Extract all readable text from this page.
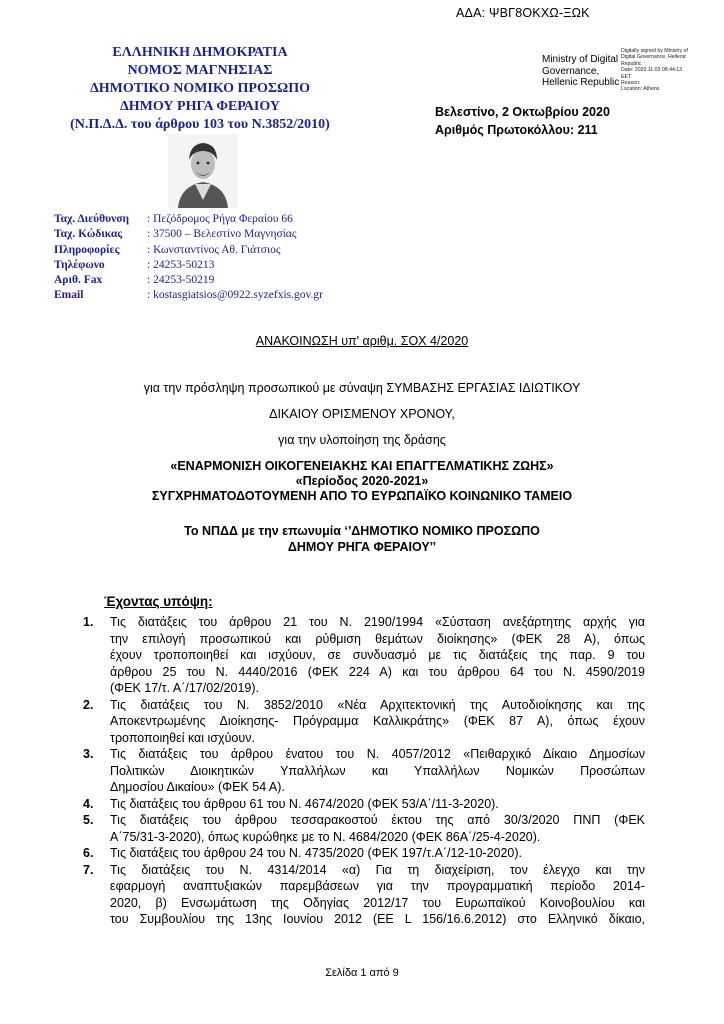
ΑΔΑ: ΨΒΓ8ΟΚΧΩ-ΞΩΚ
ΕΛΛΗΝΙΚΗ ΔΗΜΟΚΡΑΤΙΑ
ΝΟΜΟΣ ΜΑΓΝΗΣΙΑΣ
ΔΗΜΟΤΙΚΟ ΝΟΜΙΚΟ ΠΡΟΣΩΠΟ
ΔΗΜΟΥ ΡΗΓΑ ΦΕΡΑΙΟΥ
(Ν.Π.Δ.Δ. του άρθρου 103 του Ν.3852/2010)
Ministry of Digital
Governance,
Hellenic Republic
Digitally signed by Ministry of
Digital Governance, Hellenic
Republic
Date: 2020.11.03 08:44:13
EET
Reason:
Location: Athens
Βελεστίνο, 2 Οκτωβρίου 2020
Αριθμός Πρωτοκόλλου: 211
Ταχ. Διεύθυνση	: Πεζόδρομος Ρήγα Φεραίου 66
Ταχ. Κώδικας	: 37500 – Βελεστίνο Μαγνησίας
Πληροφορίες	: Κωνσταντίνος Αθ. Γιάτσιος
Τηλέφωνο	: 24253-50213
Αριθ. Fax	: 24253-50219
Email	: kostasgiatsios@0922.syzefxis.gov.gr
ΑΝΑΚΟΙΝΩΣΗ υπ' αριθμ. ΣΟΧ 4/2020
για την πρόσληψη προσωπικού με σύναψη ΣΥΜΒΑΣΗΣ ΕΡΓΑΣΙΑΣ ΙΔΙΩΤΙΚΟΥ
ΔΙΚΑΙΟΥ ΟΡΙΣΜΕΝΟΥ ΧΡΟΝΟΥ,
για την υλοποίηση της δράσης
«ΕΝΑΡΜΟΝΙΣΗ ΟΙΚΟΓΕΝΕΙΑΚΗΣ ΚΑΙ ΕΠΑΓΓΕΛΜΑΤΙΚΗΣ ΖΩΗΣ»
«Περίοδος 2020-2021»
ΣΥΓΧΡΗΜΑΤΟΔΟΤΟΥΜΕΝΗ ΑΠΟ ΤΟ ΕΥΡΩΠΑΪΚΟ ΚΟΙΝΩΝΙΚΟ ΤΑΜΕΙΟ
Το ΝΠΔΔ με την επωνυμία ‘’ΔΗΜΟΤΙΚΟ ΝΟΜΙΚΟ ΠΡΟΣΩΠΟ
ΔΗΜΟΥ ΡΗΓΑ ΦΕΡΑΙΟΥ’’
Έχοντας υπόψη:
1.	Τις διατάξεις του άρθρου 21 του Ν. 2190/1994 «Σύσταση ανεξάρτητης αρχής για
την επιλογή προσωπικού και ρύθμιση θεμάτων διοίκησης» (ΦΕΚ 28 Α), όπως
έχουν τροποποιηθεί και ισχύουν, σε συνδυασμό με τις διατάξεις της παρ. 9 του
άρθρου 25 του Ν. 4440/2016 (ΦΕΚ 224 Α) και του άρθρου 64 του Ν. 4590/2019
(ΦΕΚ 17/τ. Α΄/17/02/2019).
2.	Τις διατάξεις του Ν. 3852/2010 «Νέα Αρχιτεκτονική της Αυτοδιοίκησης και της
Αποκεντρωμένης Διοίκησης- Πρόγραμμα Καλλικράτης» (ΦΕΚ 87 Α), όπως έχουν
τροποποιηθεί και ισχύουν.
3.	Τις διατάξεις του άρθρου ένατου του Ν. 4057/2012 «Πειθαρχικό Δίκαιο Δημοσίων
Πολιτικών Διοικητικών Υπαλλήλων και Υπαλλήλων Νομικών Προσώπων
Δημοσίου Δικαίου» (ΦΕΚ 54 Α).
4.	Τις διατάξεις του άρθρου 61 του Ν. 4674/2020 (ΦΕΚ 53/Α΄/11-3-2020).
5.	Τις διατάξεις του άρθρου τεσσαρακοστού έκτου της από 30/3/2020 ΠΝΠ (ΦΕΚ
Α΄75/31-3-2020), όπως κυρώθηκε με το Ν. 4684/2020 (ΦΕΚ 86Α΄/25-4-2020).
6.	Τις διατάξεις του άρθρου 24 του Ν. 4735/2020 (ΦΕΚ 197/τ.Α΄/12-10-2020).
7.	Τις διατάξεις του Ν. 4314/2014 «α) Για τη διαχείριση, τον έλεγχο και την
εφαρμογή αναπτυξιακών παρεμβάσεων για την προγραμματική περίοδο 2014-
2020, β) Ενσωμάτωση της Οδηγίας 2012/17 του Ευρωπαϊκού Κοινοβουλίου και
του Συμβουλίου της 13ης Ιουνίου 2012 (ΕΕ L 156/16.6.2012) στο Ελληνικό δίκαιο,
Σελίδα 1 από 9
